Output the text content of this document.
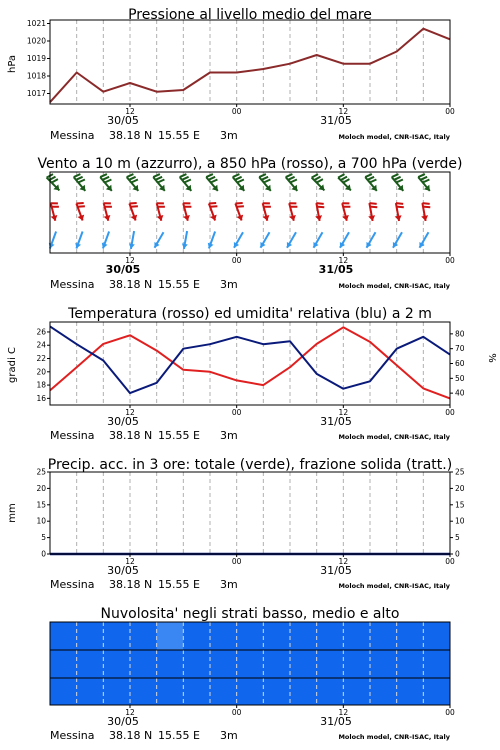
Pressione al livello medio del mare
hPa
1017
1018
1019
1020
1021
12	00	12	00
30/05	31/05
Messina 38.18 N 15.55 E 3m	Moloch model, CNR-ISAC, Italy
Vento a 10 m (azzurro), a 850 hPa (rosso), a 700 hPa (verde)
12	00	12	00
30/05	31/05
Messina 38.18 N 15.55 E 3m	Moloch model, CNR-ISAC, Italy
Temperatura (rosso) ed umidita' relativa (blu) a 2 m
gradi C	%
16
18
20
22
24
26
40
50
60
70
80
12	00	12	00
30/05	31/05
Messina 38.18 N 15.55 E 3m	Moloch model, CNR-ISAC, Italy
Precip. acc. in 3 ore: totale (verde), frazione solida (tratt.)
mm
0
5
10
15
20
25
0
5
10
15
20
25
12	00	12	00
30/05	31/05
Messina 38.18 N 15.55 E 3m	Moloch model, CNR-ISAC, Italy
Nuvolosita' negli strati basso, medio e alto
12	00	12	00
30/05	31/05
Messina 38.18 N 15.55 E 3m	Moloch model, CNR-ISAC, Italy
